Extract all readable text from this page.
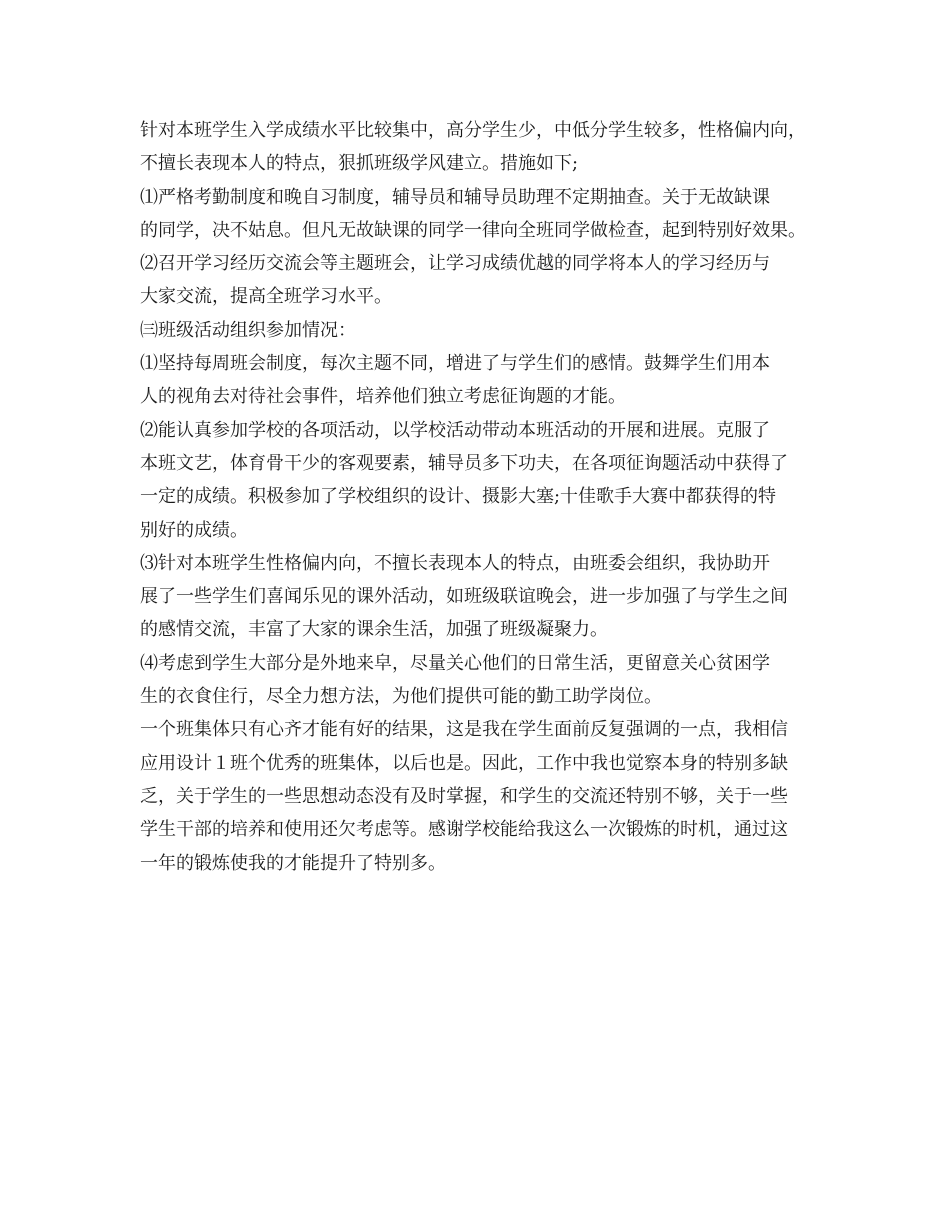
针对本班学生入学成绩水平比较集中，高分学生少，中低分学生较多，性格偏内向，
不擅长表现本人的特点，狠抓班级学风建立。措施如下;

⑴严格考勤制度和晚自习制度，辅导员和辅导员助理不定期抽查。关于无故缺课
的同学，决不姑息。但凡无故缺课的同学一律向全班同学做检查，起到特别好效果。

⑵召开学习经历交流会等主题班会，让学习成绩优越的同学将本人的学习经历与
大家交流，提高全班学习水平。

㈢班级活动组织参加情况：

⑴坚持每周班会制度，每次主题不同，增进了与学生们的感情。鼓舞学生们用本
人的视角去对待社会事件，培养他们独立考虑征询题的才能。

⑵能认真参加学校的各项活动，以学校活动带动本班活动的开展和进展。克服了
本班文艺，体育骨干少的客观要素，辅导员多下功夫，在各项征询题活动中获得了
一定的成绩。积极参加了学校组织的设计、摄影大塞;十佳歌手大赛中都获得的特
别好的成绩。

⑶针对本班学生性格偏内向，不擅长表现本人的特点，由班委会组织，我协助开
展了一些学生们喜闻乐见的课外活动，如班级联谊晚会，进一步加强了与学生之间
的感情交流，丰富了大家的课余生活，加强了班级凝聚力。

⑷考虑到学生大部分是外地来皁，尽量关心他们的日常生活，更留意关心贫困学
生的衣食住行，尽全力想方法，为他们提供可能的勤工助学岗位。

一个班集体只有心齐才能有好的结果，这是我在学生面前反复强调的一点，我相信
应用设计１班个优秀的班集体，以后也是。因此，工作中我也觉察本身的特别多缺
乏，关于学生的一些思想动态没有及时掌握，和学生的交流还特别不够，关于一些
学生干部的培养和使用还欠考虑等。感谢学校能给我这么一次锻炼的时机，通过这
一年的锻炼使我的才能提升了特别多。
